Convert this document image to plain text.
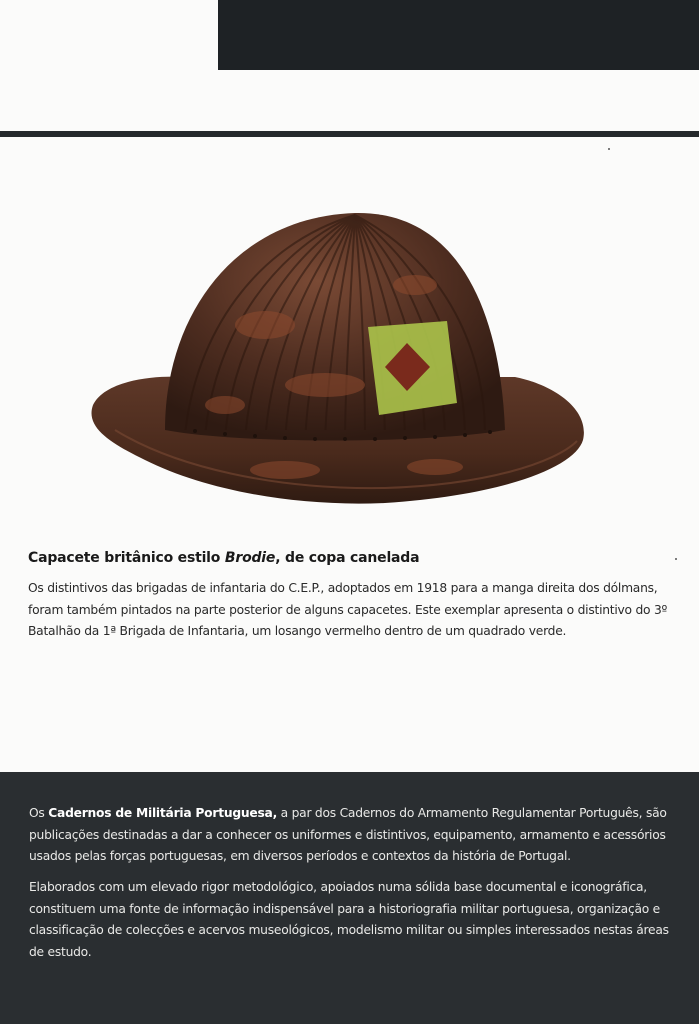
Capacete britânico estilo Brodie, de copa canelada

Os distintivos das brigadas de infantaria do C.E.P., adoptados em 1918 para a manga direita dos dólmans, foram também pintados na parte posterior de alguns capacetes. Este exemplar apresenta o distintivo do 3º Batalhão da 1ª Brigada de Infantaria, um losango vermelho dentro de um quadrado verde.

Os Cadernos de Militária Portuguesa, a par dos Cadernos do Armamento Regulamentar Português, são publicações destinadas a dar a conhecer os uniformes e distintivos, equipamento, armamento e acessórios usados pelas forças portuguesas, em diversos períodos e contextos da história de Portugal.

Elaborados com um elevado rigor metodológico, apoiados numa sólida base documental e iconográfica, constituem uma fonte de informação indispensável para a historiografia militar portuguesa, organização e classificação de colecções e acervos museológicos, modelismo militar ou simples interessados nestas áreas de estudo.
